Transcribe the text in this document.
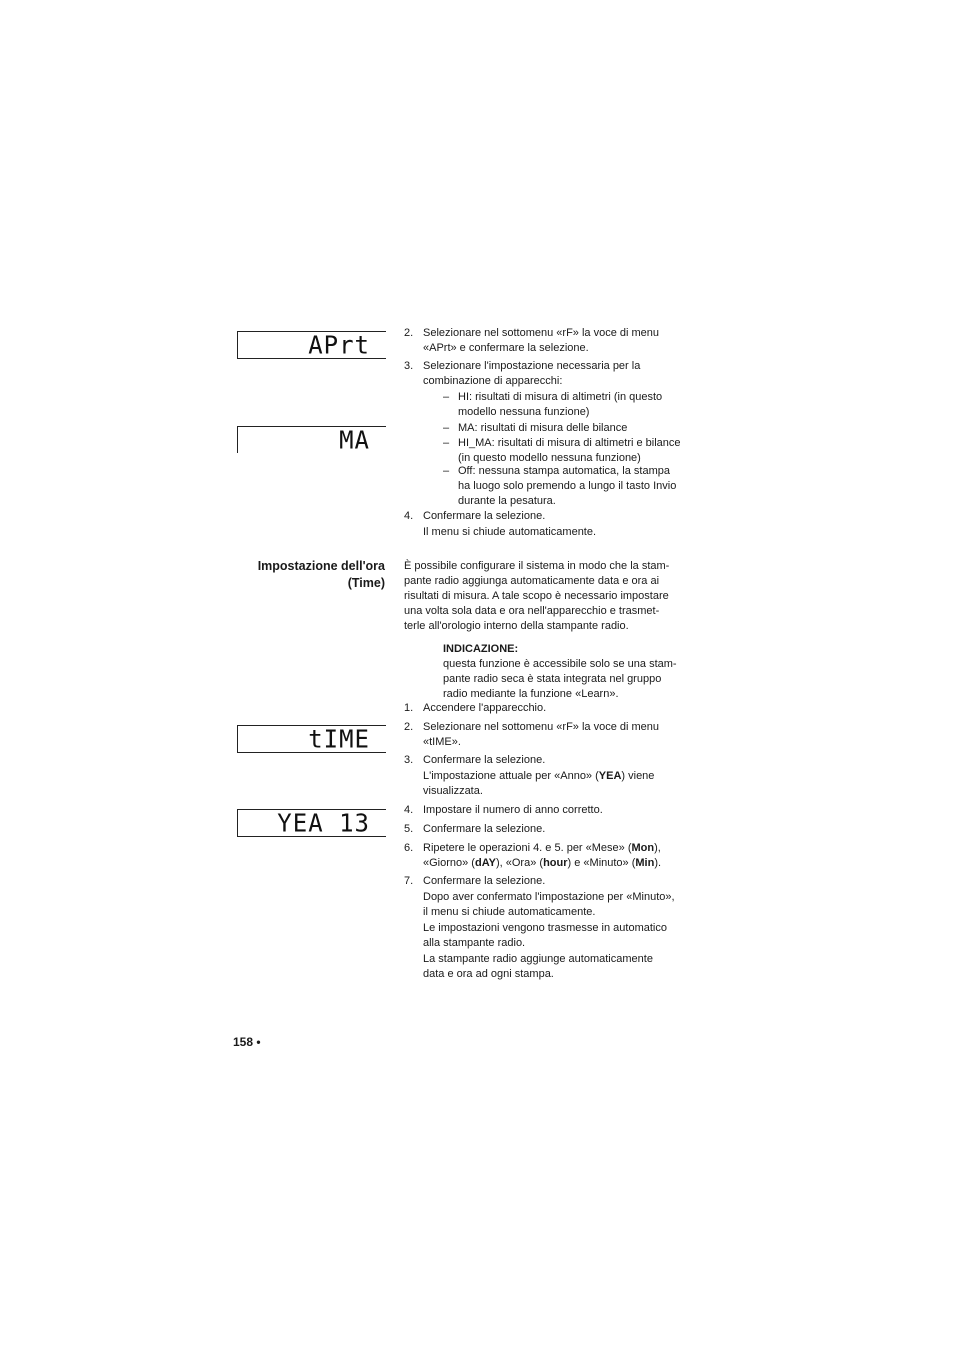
APrt
MA
tIME
YEA 13
2. Selezionare nel sottomenu «rF» la voce di menu
«APrt» e confermare la selezione.
3. Selezionare l'impostazione necessaria per la
combinazione di apparecchi:
– HI: risultati di misura di altimetri (in questo
modello nessuna funzione)
– MA: risultati di misura delle bilance
– HI_MA: risultati di misura di altimetri e bilance
(in questo modello nessuna funzione)
– Off: nessuna stampa automatica, la stampa
ha luogo solo premendo a lungo il tasto Invio
durante la pesatura.
4. Confermare la selezione.
Il menu si chiude automaticamente.
Impostazione dell'ora
(Time)
È possibile configurare il sistema in modo che la stam-
pante radio aggiunga automaticamente data e ora ai
risultati di misura. A tale scopo è necessario impostare
una volta sola data e ora nell'apparecchio e trasmet-
terle all'orologio interno della stampante radio.
INDICAZIONE:
questa funzione è accessibile solo se una stam-
pante radio seca è stata integrata nel gruppo
radio mediante la funzione «Learn».
1. Accendere l'apparecchio.
2. Selezionare nel sottomenu «rF» la voce di menu
«tIME».
3. Confermare la selezione.
L'impostazione attuale per «Anno» (YEA) viene
visualizzata.
4. Impostare il numero di anno corretto.
5. Confermare la selezione.
6. Ripetere le operazioni 4. e 5. per «Mese» (Mon),
«Giorno» (dAY), «Ora» (hour) e «Minuto» (Min).
7. Confermare la selezione.
Dopo aver confermato l'impostazione per «Minuto»,
il menu si chiude automaticamente.
Le impostazioni vengono trasmesse in automatico
alla stampante radio.
La stampante radio aggiunge automaticamente
data e ora ad ogni stampa.
158 •
